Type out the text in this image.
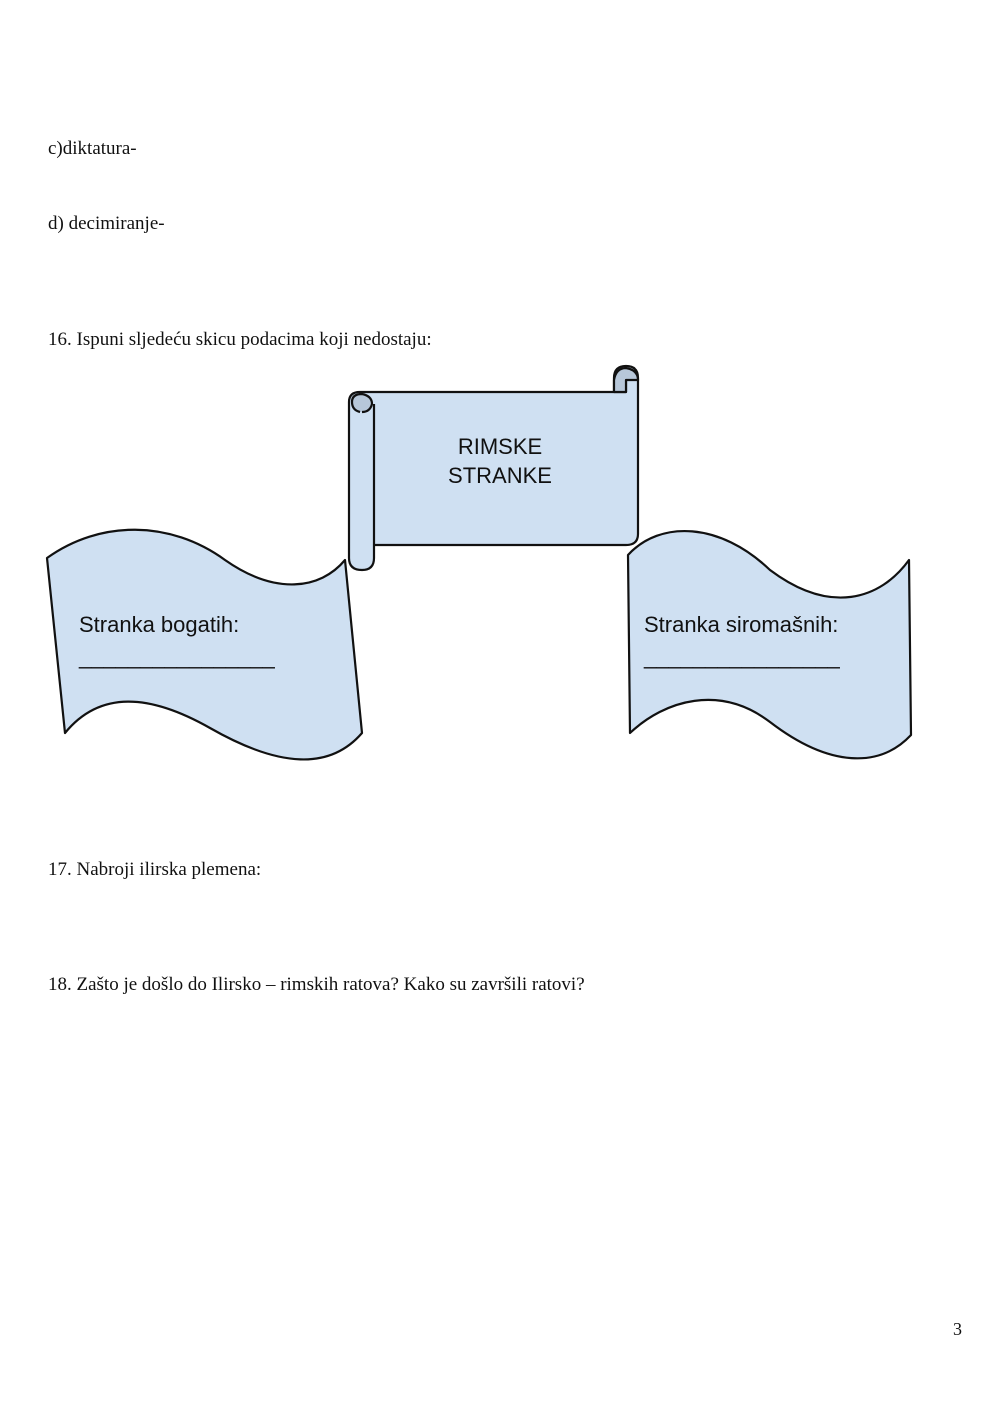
c)diktatura-
d) decimiranje-
16. Ispuni sljedeću skicu podacima koji nedostaju:
RIMSKE
STRANKE
Stranka bogatih:
________________
Stranka siromašnih:
________________
17. Nabroji ilirska plemena:
18. Zašto je došlo do Ilirsko – rimskih ratova? Kako su završili ratovi?
3
